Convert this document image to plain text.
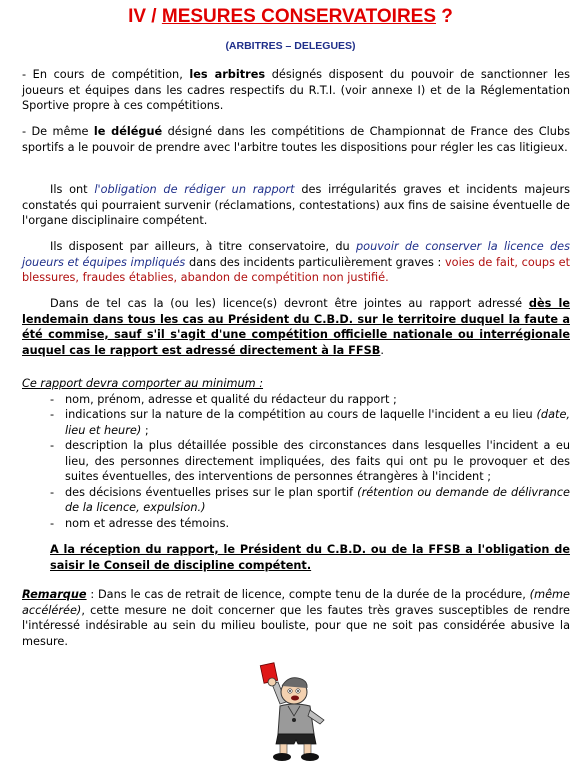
IV / MESURES CONSERVATOIRES ?
(ARBITRES – DELEGUES)
- En cours de compétition, les arbitres désignés disposent du pouvoir de sanctionner les joueurs et équipes dans les cadres respectifs du R.T.I. (voir annexe I) et de la Réglementation Sportive propre à ces compétitions.
- De même le délégué désigné dans les compétitions de Championnat de France des Clubs sportifs a le pouvoir de prendre avec l'arbitre toutes les dispositions pour régler les cas litigieux.
Ils ont l'obligation de rédiger un rapport des irrégularités graves et incidents majeurs constatés qui pourraient survenir (réclamations, contestations) aux fins de saisine éventuelle de l'organe disciplinaire compétent.
Ils disposent par ailleurs, à titre conservatoire, du pouvoir de conserver la licence des joueurs et équipes impliqués dans des incidents particulièrement graves : voies de fait, coups et blessures, fraudes établies, abandon de compétition non justifié.
Dans de tel cas la (ou les) licence(s) devront être jointes au rapport adressé dès le lendemain dans tous les cas au Président du C.B.D. sur le territoire duquel la faute a été commise, sauf s'il s'agit d'une compétition officielle nationale ou interrégionale auquel cas le rapport est adressé directement à la FFSB.
Ce rapport devra comporter au minimum :
- nom, prénom, adresse et qualité du rédacteur du rapport ;
- indications sur la nature de la compétition au cours de laquelle l'incident a eu lieu (date, lieu et heure) ;
- description la plus détaillée possible des circonstances dans lesquelles l'incident a eu lieu, des personnes directement impliquées, des faits qui ont pu le provoquer et des suites éventuelles, des interventions de personnes étrangères à l'incident ;
- des décisions éventuelles prises sur le plan sportif (rétention ou demande de délivrance de la licence, expulsion.)
- nom et adresse des témoins.
A la réception du rapport, le Président du C.B.D. ou de la FFSB a l'obligation de saisir le Conseil de discipline compétent.
Remarque : Dans le cas de retrait de licence, compte tenu de la durée de la procédure, (même accélérée), cette mesure ne doit concerner que les fautes très graves susceptibles de rendre l'intéressé indésirable au sein du milieu bouliste, pour que ne soit pas considérée abusive la mesure.
